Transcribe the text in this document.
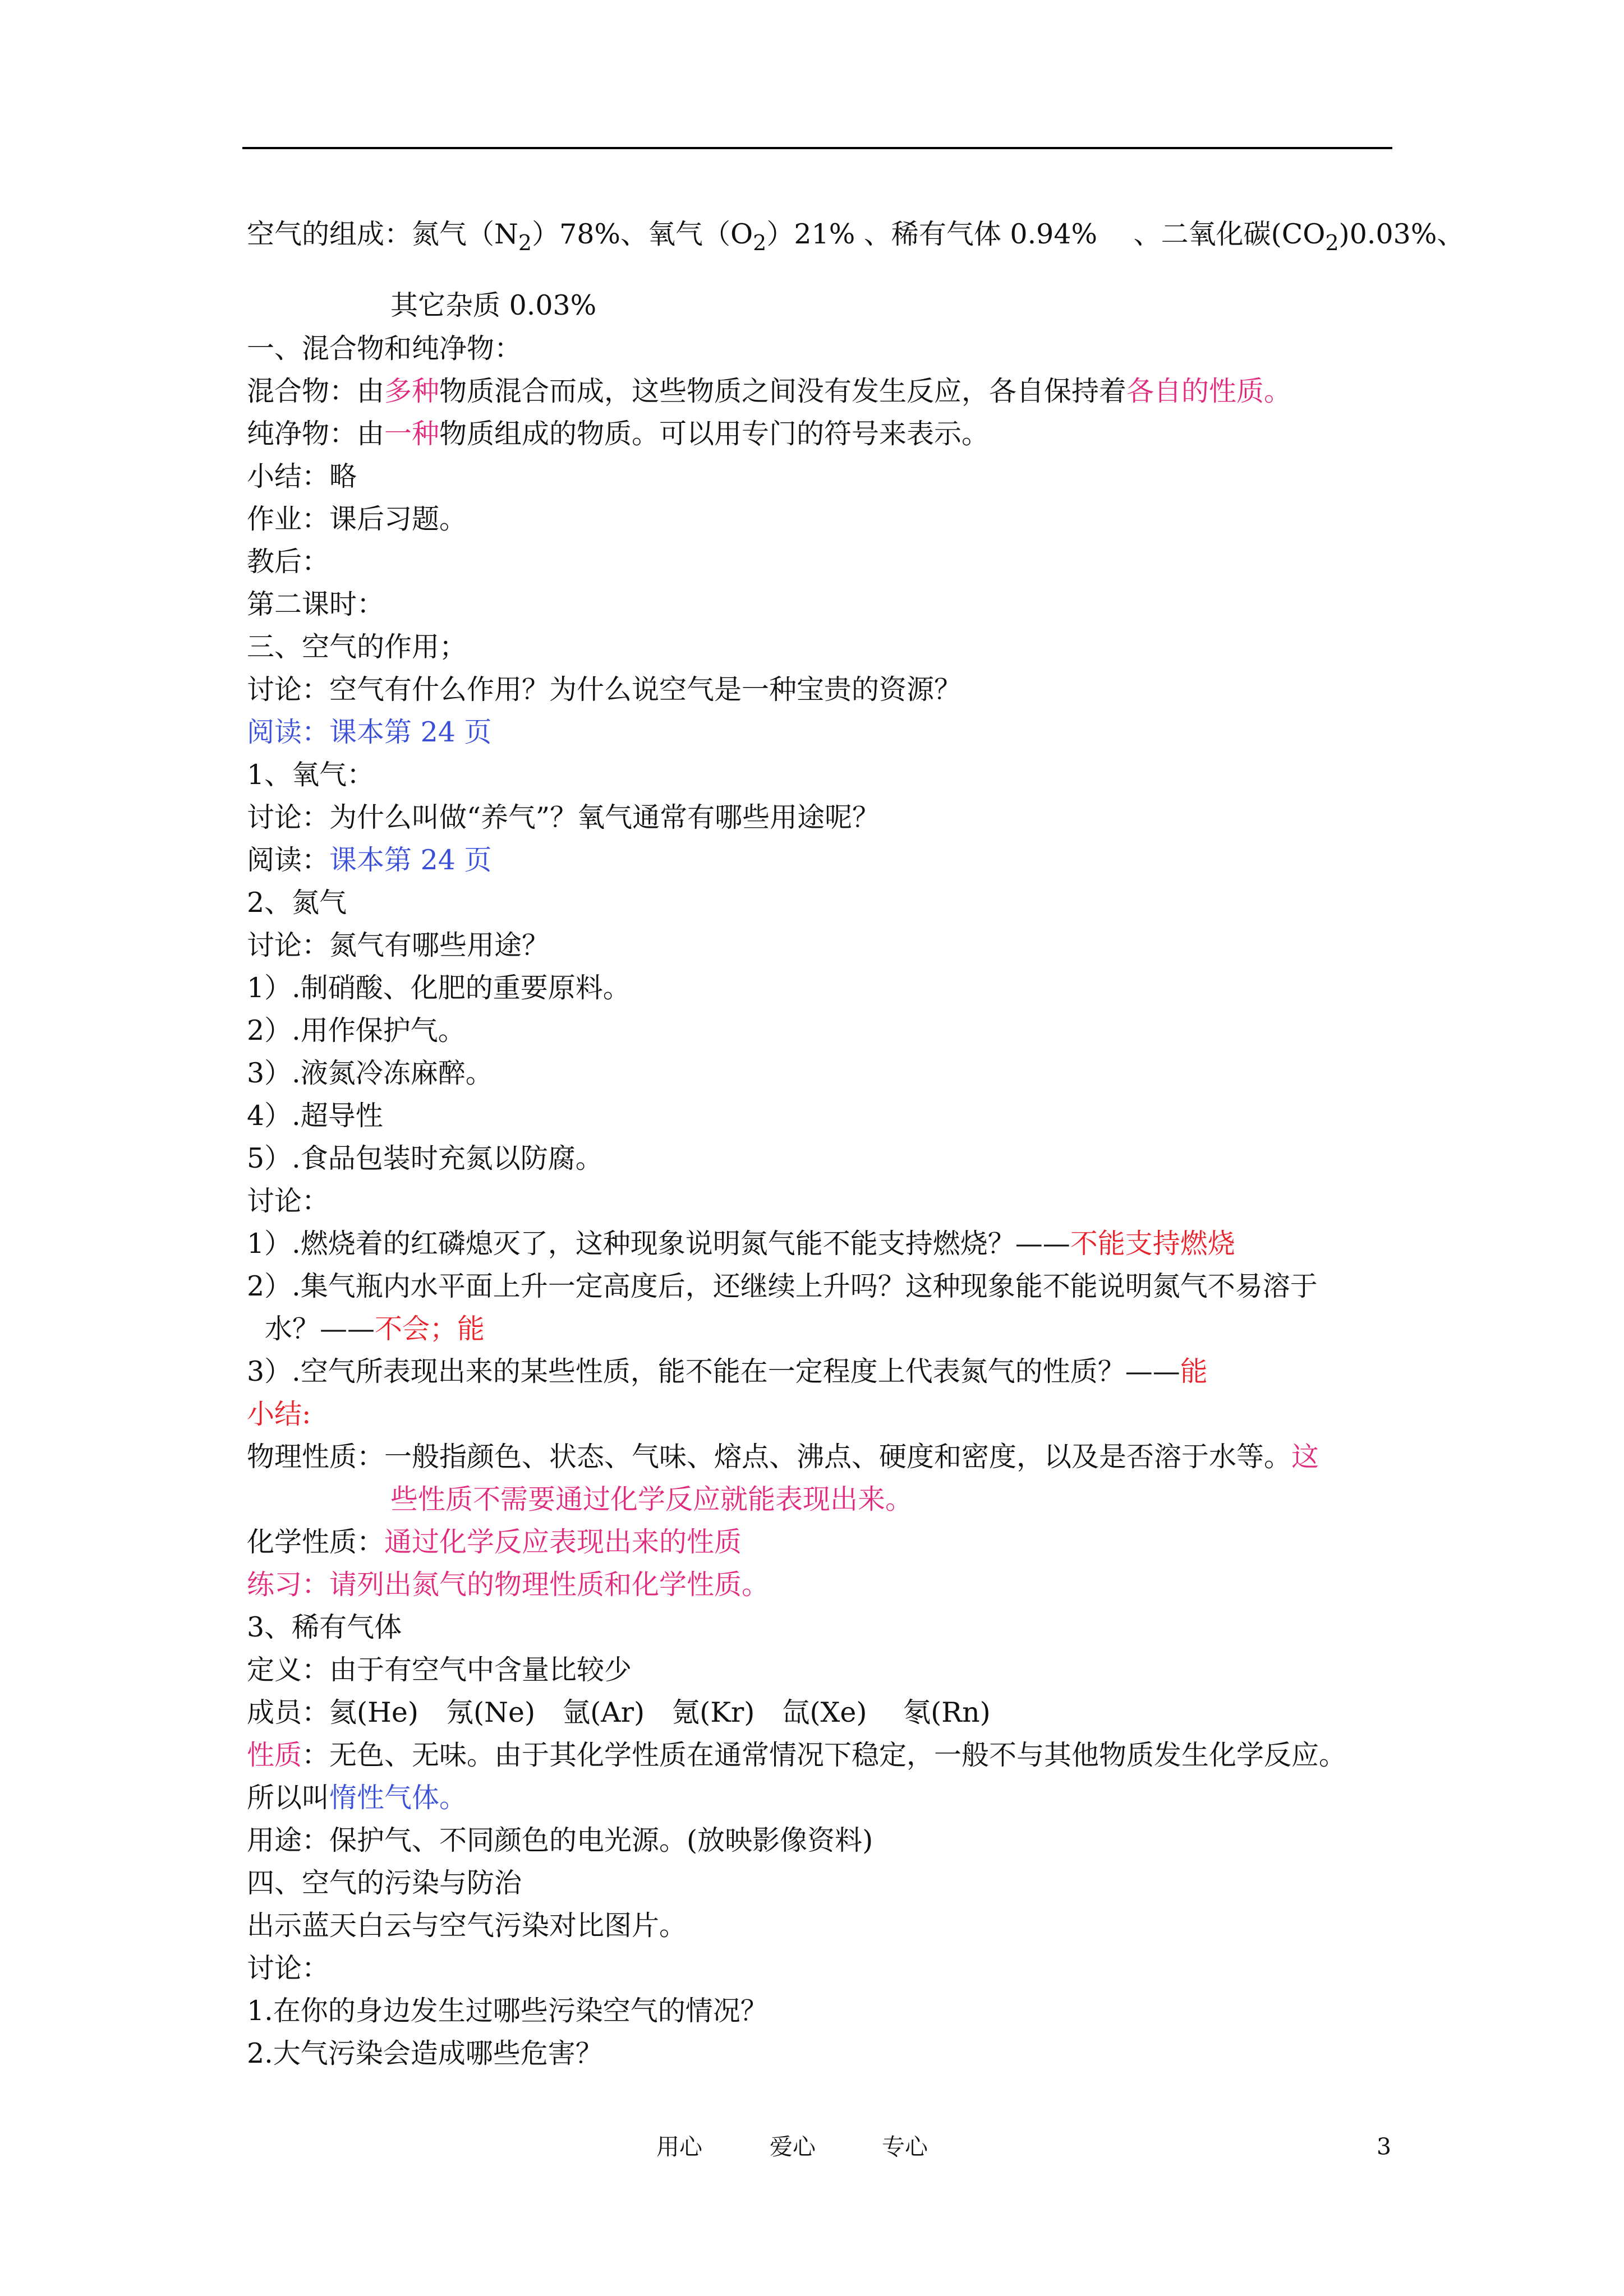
空气的组成：氮气$(N_2)78\%$、氧气$(O_2)21\%$ 、稀有气体 0.94%　 、二氧化碳$(CO_2)0.03\%$、
其它杂质 0.03%
一、混合物和纯净物：
混合物：由多种物质混合而成，这些物质之间没有发生反应，各自保持着各自的性质。
纯净物：由一种物质组成的物质。可以用专门的符号来表示。
小结：略
作业：课后习题。
教后：
第二课时：
三、空气的作用；
讨论：空气有什么作用？为什么说空气是一种宝贵的资源？
阅读：课本第 24 页
1、氧气：
讨论：为什么叫做“养气”？氧气通常有哪些用途呢？
阅读：课本第 24 页
2、氮气
讨论：氮气有哪些用途？
1）.制硝酸、化肥的重要原料。
2）.用作保护气。
3）.液氮冷冻麻醉。
4）.超导性
5）.食品包装时充氮以防腐。
讨论：
1）.燃烧着的红磷熄灭了，这种现象说明氮气能不能支持燃烧？——不能支持燃烧
2）.集气瓶内水平面上升一定高度后，还继续上升吗？这种现象能不能说明氮气不易溶于
水？——不会；能
3）.空气所表现出来的某些性质，能不能在一定程度上代表氮气的性质？——能
小结:
物理性质：一般指颜色、状态、气味、熔点、沸点、硬度和密度，以及是否溶于水等。这
些性质不需要通过化学反应就能表现出来。
化学性质：通过化学反应表现出来的性质
练习：请列出氮气的物理性质和化学性质。
3、稀有气体
定义：由于有空气中含量比较少
成员：氦(He)　氖(Ne)　氩(Ar)　氪(Kr)　氙(Xe)　 氡(Rn)
性质：无色、无味。由于其化学性质在通常情况下稳定，一般不与其他物质发生化学反应。
所以叫惰性气体。
用途：保护气、不同颜色的电光源。(放映影像资料)
四、空气的污染与防治
出示蓝天白云与空气污染对比图片。
讨论：
1.在你的身边发生过哪些污染空气的情况？
2.大气污染会造成哪些危害？
用心	爱心	专心	3
